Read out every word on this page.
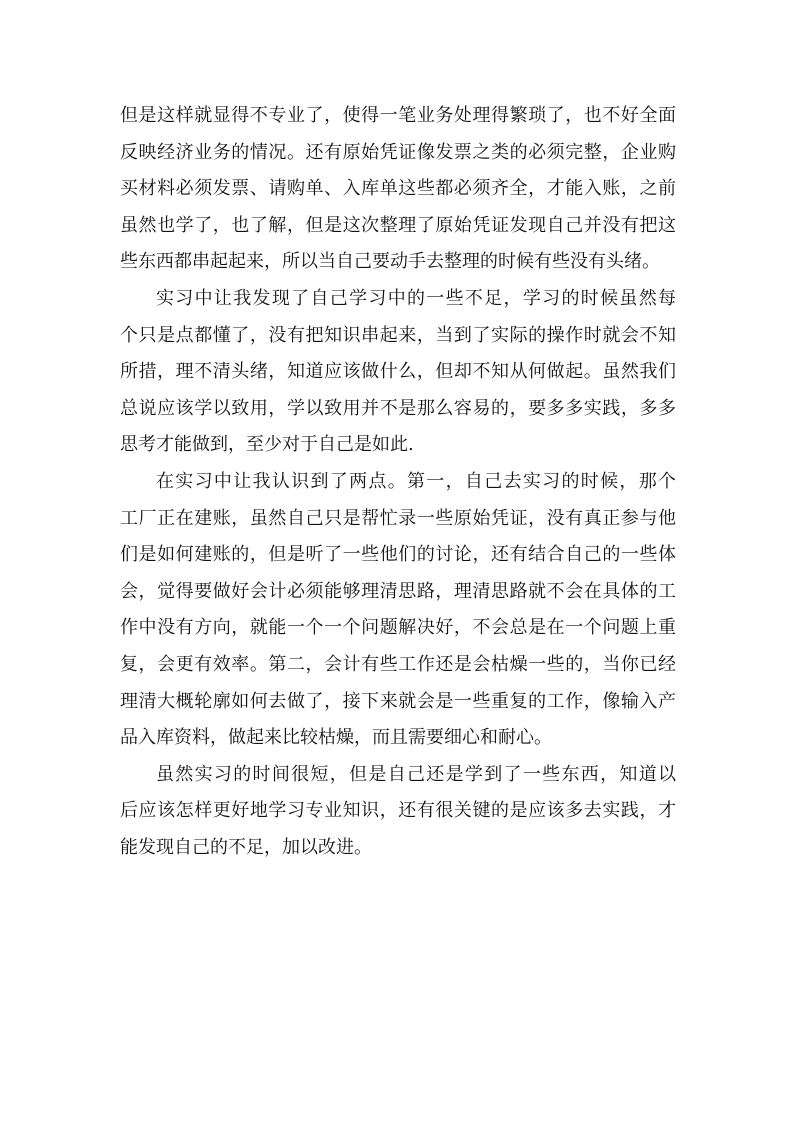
但是这样就显得不专业了，使得一笔业务处理得繁琐了，也不好全面
反映经济业务的情况。还有原始凭证像发票之类的必须完整，企业购
买材料必须发票、请购单、入库单这些都必须齐全，才能入账，之前
虽然也学了，也了解，但是这次整理了原始凭证发现自己并没有把这
些东西都串起起来，所以当自己要动手去整理的时候有些没有头绪。
实习中让我发现了自己学习中的一些不足，学习的时候虽然每
个只是点都懂了，没有把知识串起来，当到了实际的操作时就会不知
所措，理不清头绪，知道应该做什么，但却不知从何做起。虽然我们
总说应该学以致用，学以致用并不是那么容易的，要多多实践，多多
思考才能做到，至少对于自己是如此.
在实习中让我认识到了两点。第一，自己去实习的时候，那个
工厂正在建账，虽然自己只是帮忙录一些原始凭证，没有真正参与他
们是如何建账的，但是听了一些他们的讨论，还有结合自己的一些体
会，觉得要做好会计必须能够理清思路，理清思路就不会在具体的工
作中没有方向，就能一个一个问题解决好，不会总是在一个问题上重
复，会更有效率。第二，会计有些工作还是会枯燥一些的，当你已经
理清大概轮廓如何去做了，接下来就会是一些重复的工作，像输入产
品入库资料，做起来比较枯燥，而且需要细心和耐心。
虽然实习的时间很短，但是自己还是学到了一些东西，知道以
后应该怎样更好地学习专业知识，还有很关键的是应该多去实践，才
能发现自己的不足，加以改进。
